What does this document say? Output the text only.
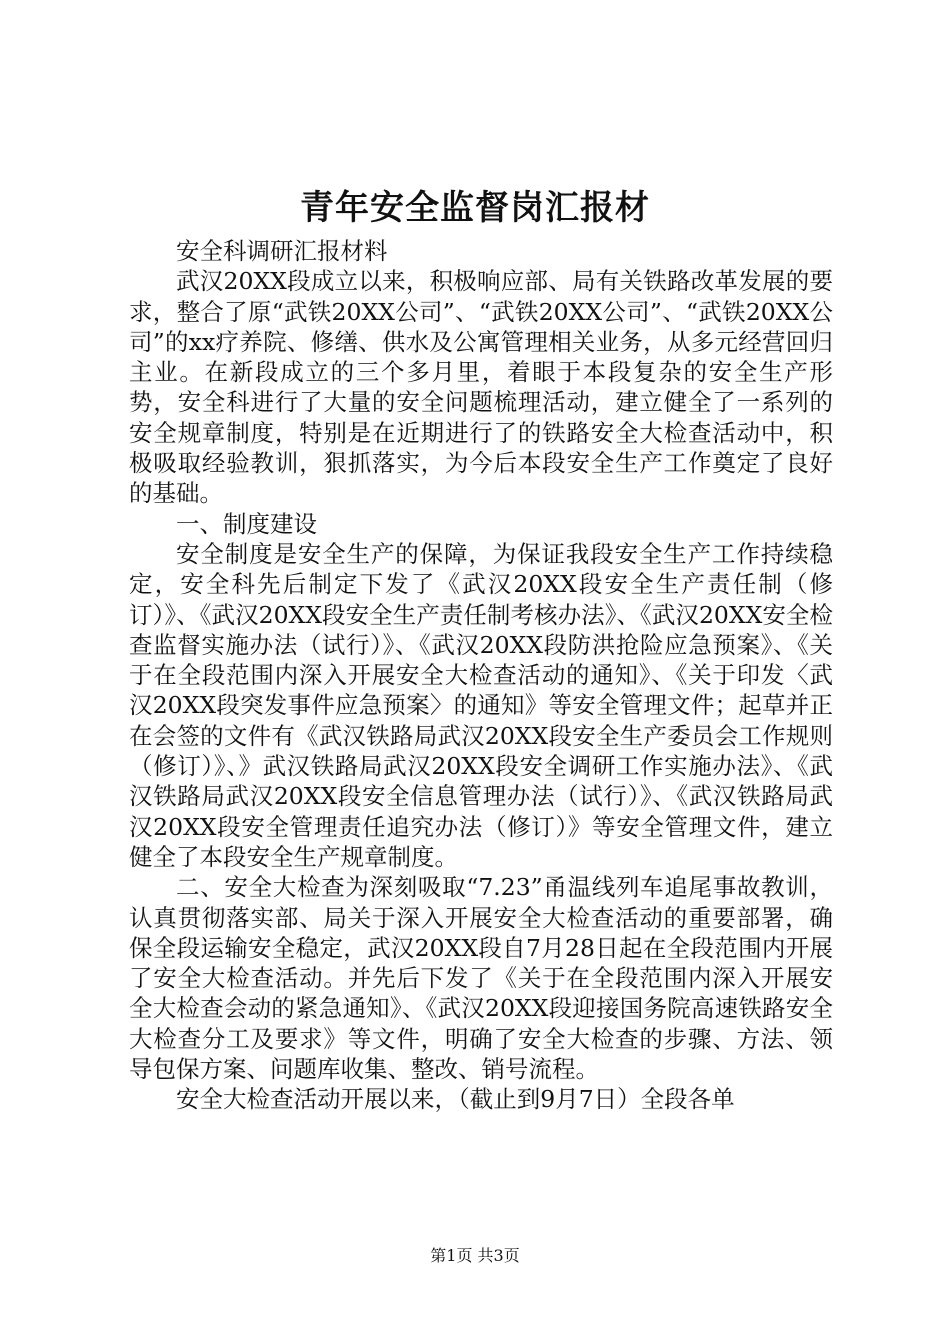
青年安全监督岗汇报材

安全科调研汇报材料

武汉20XX段成立以来，积极响应部、局有关铁路改革发展的要求，整合了原“武铁20XX公司”、“武铁20XX公司”、“武铁20XX公司”的xx疗养院、修缮、供水及公寓管理相关业务，从多元经营回归主业。在新段成立的三个多月里，着眼于本段复杂的安全生产形势，安全科进行了大量的安全问题梳理活动，建立健全了一系列的安全规章制度，特别是在近期进行了的铁路安全大检查活动中，积极吸取经验教训，狠抓落实，为今后本段安全生产工作奠定了良好的基础。

一、制度建设

安全制度是安全生产的保障，为保证我段安全生产工作持续稳定，安全科先后制定下发了《武汉20XX段安全生产责任制（修订）》、《武汉20XX段安全生产责任制考核办法》、《武汉20XX安全检查监督实施办法（试行）》、《武汉20XX段防洪抢险应急预案》、《关于在全段范围内深入开展安全大检查活动的通知》、《关于印发〈武汉20XX段突发事件应急预案〉的通知》等安全管理文件；起草并正在会签的文件有《武汉铁路局武汉20XX段安全生产委员会工作规则（修订）》、》武汉铁路局武汉20XX段安全调研工作实施办法》、《武汉铁路局武汉20XX段安全信息管理办法（试行）》、《武汉铁路局武汉20XX段安全管理责任追究办法（修订）》等安全管理文件，建立健全了本段安全生产规章制度。

二、安全大检查为深刻吸取“7.23”甬温线列车追尾事故教训，认真贯彻落实部、局关于深入开展安全大检查活动的重要部署，确保全段运输安全稳定，武汉20XX段自7月28日起在全段范围内开展了安全大检查活动。并先后下发了《关于在全段范围内深入开展安全大检查会动的紧急通知》、《武汉20XX段迎接国务院高速铁路安全大检查分工及要求》等文件，明确了安全大检查的步骤、方法、领导包保方案、问题库收集、整改、销号流程。

安全大检查活动开展以来，（截止到9月7日）全段各单

第1页 共3页
